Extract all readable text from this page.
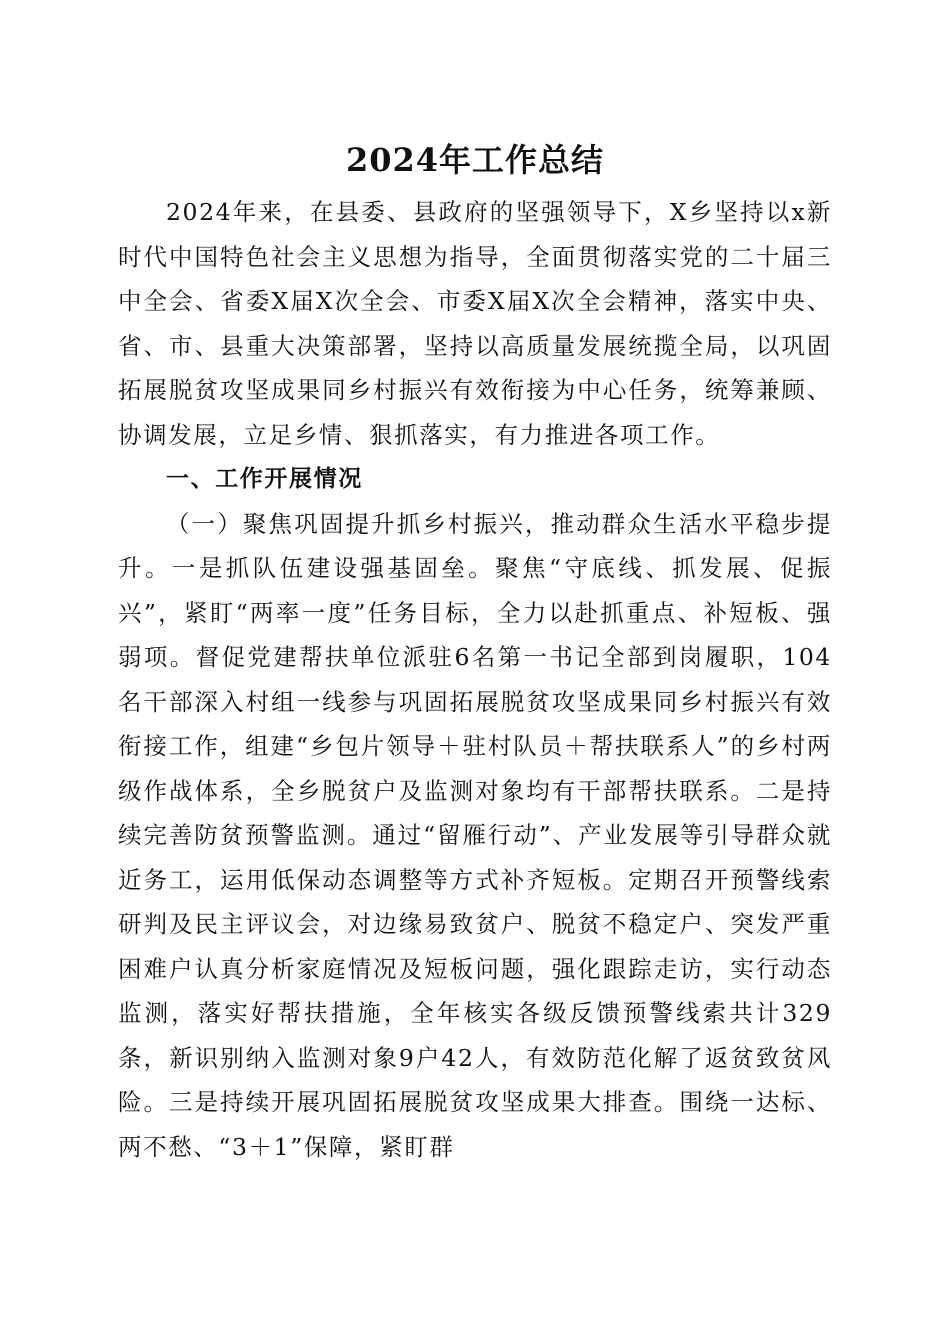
2024年工作总结

2024年来，在县委、县政府的坚强领导下，X乡坚持以x新时代中国特色社会主义思想为指导，全面贯彻落实党的二十届三中全会、省委X届X次全会、市委X届X次全会精神，落实中央、省、市、县重大决策部署，坚持以高质量发展统揽全局，以巩固拓展脱贫攻坚成果同乡村振兴有效衔接为中心任务，统筹兼顾、协调发展，立足乡情、狠抓落实，有力推进各项工作。

一、工作开展情况

（一）聚焦巩固提升抓乡村振兴，推动群众生活水平稳步提升。一是抓队伍建设强基固垒。聚焦“守底线、抓发展、促振兴”，紧盯“两率一度”任务目标，全力以赴抓重点、补短板、强弱项。督促党建帮扶单位派驻6名第一书记全部到岗履职，104名干部深入村组一线参与巩固拓展脱贫攻坚成果同乡村振兴有效衔接工作，组建“乡包片领导＋驻村队员＋帮扶联系人”的乡村两级作战体系，全乡脱贫户及监测对象均有干部帮扶联系。二是持续完善防贫预警监测。通过“留雁行动”、产业发展等引导群众就近务工，运用低保动态调整等方式补齐短板。定期召开预警线索研判及民主评议会，对边缘易致贫户、脱贫不稳定户、突发严重困难户认真分析家庭情况及短板问题，强化跟踪走访，实行动态监测，落实好帮扶措施，全年核实各级反馈预警线索共计329条，新识别纳入监测对象9户42人，有效防范化解了返贫致贫风险。三是持续开展巩固拓展脱贫攻坚成果大排查。围绕一达标、两不愁、“3＋1”保障，紧盯群
